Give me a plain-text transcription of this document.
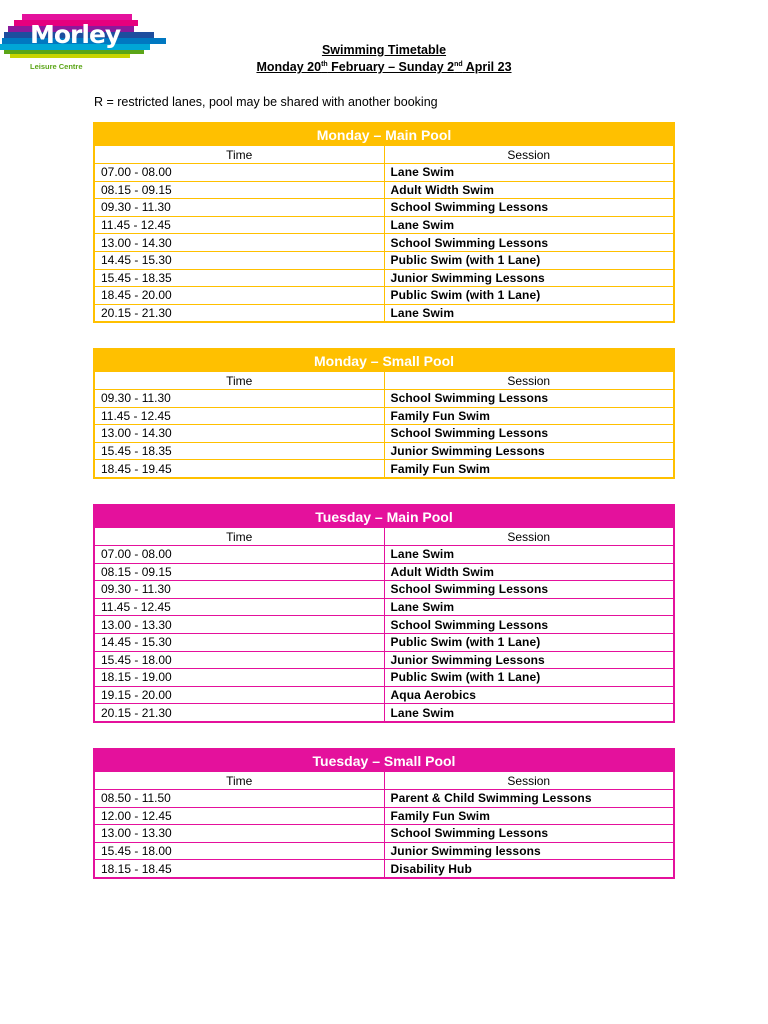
Morley
Leisure Centre
Swimming Timetable
Monday 20th February – Sunday 2nd April 23
R = restricted lanes, pool may be shared with another booking
Monday – Main Pool	
Time	Session
07.00 - 08.00	Lane Swim
08.15 - 09.15	Adult Width Swim
09.30 - 11.30	School Swimming Lessons
11.45 - 12.45	Lane Swim
13.00 - 14.30	School Swimming Lessons
14.45 - 15.30	Public Swim (with 1 Lane)
15.45 - 18.35	Junior Swimming Lessons
18.45 - 20.00	Public Swim (with 1 Lane)
20.15 - 21.30	Lane Swim
Monday – Small Pool	
Time	Session
09.30 - 11.30	School Swimming Lessons
11.45 - 12.45	Family Fun Swim
13.00 - 14.30	School Swimming Lessons
15.45 - 18.35	Junior Swimming Lessons
18.45 - 19.45	Family Fun Swim
Tuesday – Main Pool	
Time	Session
07.00 - 08.00	Lane Swim
08.15 - 09.15	Adult Width Swim
09.30 - 11.30	School Swimming Lessons
11.45 - 12.45	Lane Swim
13.00 - 13.30	School Swimming Lessons
14.45 - 15.30	Public Swim (with 1 Lane)
15.45 - 18.00	Junior Swimming Lessons
18.15 - 19.00	Public Swim (with 1 Lane)
19.15 - 20.00	Aqua Aerobics
20.15 - 21.30	Lane Swim
Tuesday – Small Pool	
Time	Session
08.50 - 11.50	Parent & Child Swimming Lessons
12.00 - 12.45	Family Fun Swim
13.00 - 13.30	School Swimming Lessons
15.45 - 18.00	Junior Swimming lessons
18.15 - 18.45	Disability Hub
